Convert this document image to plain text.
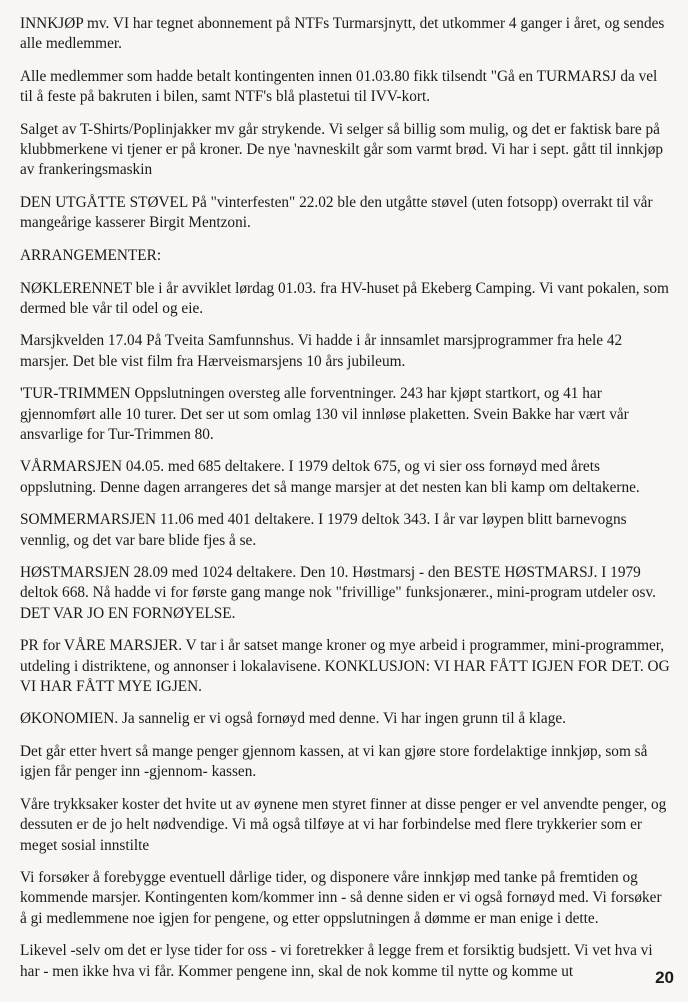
INNKJØP mv. VI har tegnet abonnement på NTFs Turmarsjnytt, det utkommer 4 ganger i året, og sendes alle medlemmer.

Alle medlemmer som hadde betalt kontingenten innen 01.03.80 fikk tilsendt "Gå en TURMARSJ da vel til å feste på bakruten i bilen, samt NTF's blå plastetui til IVV-kort.

Salget av T-Shirts/Poplinjakker mv går strykende. Vi selger så billig som mulig, og det er faktisk bare på klubbmerkene vi tjener er på kroner. De nye 'navneskilt går som varmt brød. Vi har i sept. gått til innkjøp av frankeringsmaskin

DEN UTGÅTTE STØVEL På "vinterfesten" 22.02 ble den utgåtte støvel (uten fotsopp) overrakt til vår mangeårige kasserer Birgit Mentzoni.

ARRANGEMENTER:

NØKLERENNET ble i år avviklet lørdag 01.03. fra HV-huset på Ekeberg Camping. Vi vant pokalen, som dermed ble vår til odel og eie.

Marsjkvelden 17.04 På Tveita Samfunnshus. Vi hadde i år innsamlet marsjprogrammer fra hele 42 marsjer. Det ble vist film fra Hærveismarsjens 10 års jubileum.

'TUR-TRIMMEN Oppslutningen oversteg alle forventninger. 243 har kjøpt startkort, og 41 har gjennomført alle 10 turer. Det ser ut som omlag 130 vil innløse plaketten. Svein Bakke har vært vår ansvarlige for Tur-Trimmen 80.

VÅRMARSJEN 04.05. med 685 deltakere. I 1979 deltok 675, og vi sier oss fornøyd med årets oppslutning. Denne dagen arrangeres det så mange marsjer at det nesten kan bli kamp om deltakerne.

SOMMERMARSJEN 11.06 med 401 deltakere. I 1979 deltok 343. I år var løypen blitt barnevogns vennlig, og det var bare blide fjes å se.

HØSTMARSJEN 28.09 med 1024 deltakere. Den 10. Høstmarsj - den BESTE HØSTMARSJ. I 1979 deltok 668. Nå hadde vi for første gang mange nok "frivillige" funksjonærer., mini-program utdeler osv. DET VAR JO EN FORNØYELSE.

PR for VÅRE MARSJER. V tar i år satset mange kroner og mye arbeid i programmer, mini-programmer, utdeling i distriktene, og annonser i lokalavisene. KONKLUSJON: VI HAR FÅTT IGJEN FOR DET. OG VI HAR FÅTT MYE IGJEN.

ØKONOMIEN. Ja sannelig er vi også fornøyd med denne. Vi har ingen grunn til å klage.

Det går etter hvert så mange penger gjennom kassen, at vi kan gjøre store fordelaktige innkjøp, som så igjen får penger inn -gjennom- kassen.

Våre trykksaker koster det hvite ut av øynene men styret finner at disse penger er vel anvendte penger, og dessuten er de jo helt nødvendige. Vi må også tilføye at vi har forbindelse med flere trykkerier som er meget sosial innstilte

Vi forsøker å forebygge eventuell dårlige tider, og disponere våre innkjøp med tanke på fremtiden og kommende marsjer. Kontingenten kom/kommer inn - så denne siden er vi også fornøyd med. Vi forsøker å gi medlemmene noe igjen for pengene, og etter oppslutningen å dømme er man enige i dette.

Likevel -selv om det er lyse tider for oss - vi foretrekker å legge frem et forsiktig budsjett. Vi vet hva vi har - men ikke hva vi får. Kommer pengene inn, skal de nok komme til nytte og komme ut	20
